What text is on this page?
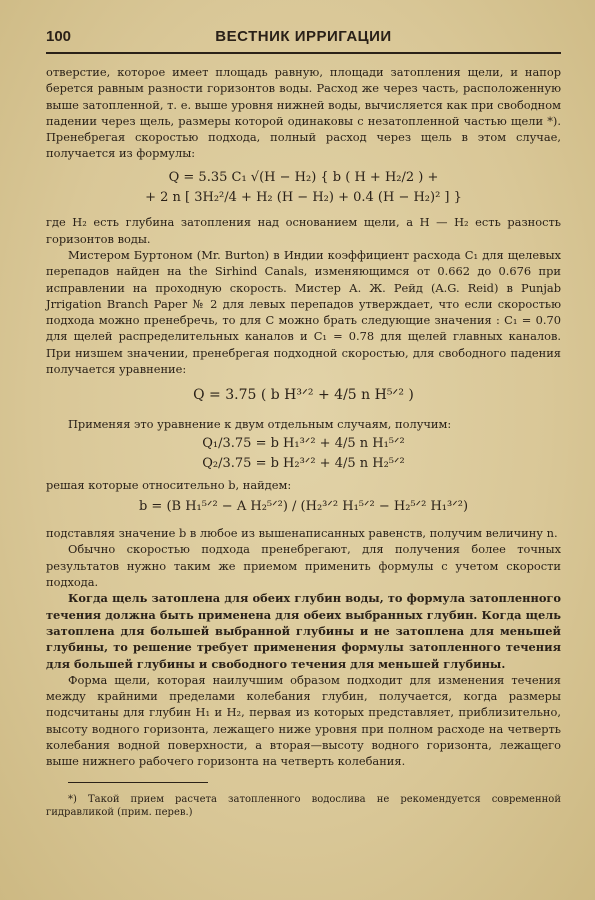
100	ВЕСТНИК ИРРИГАЦИИ

отверстие, которое имеет площадь равную, площади затопления щели, и напор берется равным разности горизонтов воды. Расход же через часть, расположенную выше затопленной, т. е. выше уровня нижней воды, вычисляется как при свободном падении через щель, размеры которой одинаковы с незатопленной частью щели *). Пренебрегая скоростью подхода, полный расход через щель в этом случае, получается из формулы:

Q = 5.35 C₁ √(H − H₂) { b ( H + H₂/2 ) +
+ 2 n [ 3H₂²/4 + H₂ (H − H₂) + 0.4 (H − H₂)² ] }

где H₂ есть глубина затопления над основанием щели, а H — H₂ есть разность горизонтов воды.

Мистером Буртоном (Mr. Burton) в Индии коэффициент расхода C₁ для щелевых перепадов найден на the Sirhind Canals, изменяющимся от 0.662 до 0.676 при исправлении на проходную скорость. Мистер А. Ж. Рейд (A.G. Reid) в Punjab Jrrigation Branch Paper № 2 для левых перепадов утверждает, что если скоростью подхода можно пренебречь, то для C можно брать следующие значения : C₁ = 0.70 для щелей распределительных каналов и C₁ = 0.78 для щелей главных каналов. При низшем значении, пренебрегая подходной скоростью, для свободного падения получается уравнение:

Q = 3.75 ( b H³ᐟ² + 4/5 n H⁵ᐟ² )

Применяя это уравнение к двум отдельным случаям, получим:

Q₁/3.75 = b H₁³ᐟ² + 4/5 n H₁⁵ᐟ²
Q₂/3.75 = b H₂³ᐟ² + 4/5 n H₂⁵ᐟ²

решая которые относительно b, найдем:

b = (B H₁⁵ᐟ² − A H₂⁵ᐟ²) / (H₂³ᐟ² H₁⁵ᐟ² − H₂⁵ᐟ² H₁³ᐟ²)

подставляя значение b в любое из вышенаписанных равенств, получим величину n.

Обычно скоростью подхода пренебрегают, для получения более точных результатов нужно таким же приемом применить формулы с учетом скорости подхода.

Когда щель затоплена для обеих глубин воды, то формула затопленного течения должна быть применена для обеих выбранных глубин. Когда щель затоплена для большей выбранной глубины и не затоплена для меньшей глубины, то решение требует применения формулы затопленного течения для большей глубины и свободного течения для меньшей глубины.

Форма щели, которая наилучшим образом подходит для изменения течения между крайними пределами колебания глубин, получается, когда размеры подсчитаны для глубин H₁ и H₂, первая из которых представляет, приблизительно, высоту водного горизонта, лежащего ниже уровня при полном расходе на четверть колебания водной поверхности, а вторая—высоту водного горизонта, лежащего выше нижнего рабочего горизонта на четверть колебания.

*) Такой прием расчета затопленного водослива не рекомендуется современной гидравликой (прим. перев.)
